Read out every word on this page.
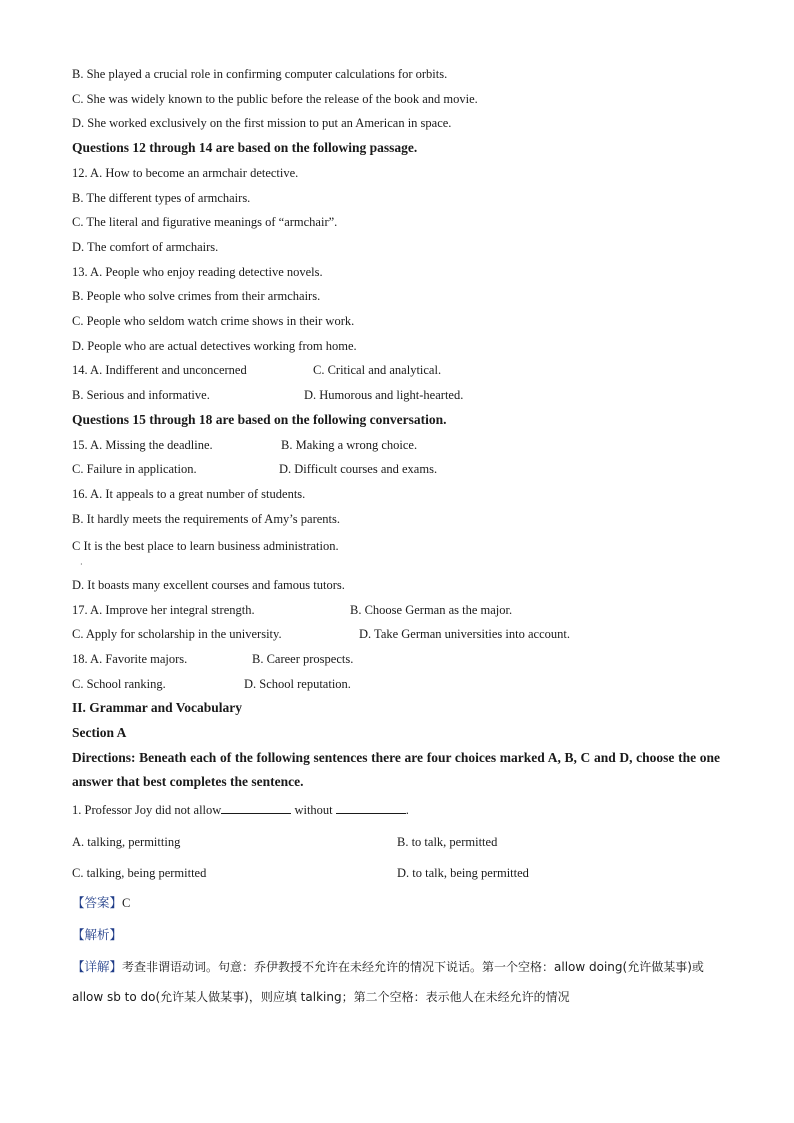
B. She played a crucial role in confirming computer calculations for orbits.
C. She was widely known to the public before the release of the book and movie.
D. She worked exclusively on the first mission to put an American in space.
Questions 12 through 14 are based on the following passage.
12. A. How to become an armchair detective.
B. The different types of armchairs.
C. The literal and figurative meanings of “armchair”.
D. The comfort of armchairs.
13. A. People who enjoy reading detective novels.
B. People who solve crimes from their armchairs.
C. People who seldom watch crime shows in their work.
D. People who are actual detectives working from home.
14. A. Indifferent and unconcerned	C. Critical and analytical.
B. Serious and informative.	D. Humorous and light-hearted.
Questions 15 through 18 are based on the following conversation.
15. A. Missing the deadline.	B. Making a wrong choice.
C. Failure in application.	D. Difficult courses and exams.
16. A. It appeals to a great number of students.
B. It hardly meets the requirements of Amy’s parents.
C It is the best place to learn business administration.
·
D. It boasts many excellent courses and famous tutors.
17. A. Improve her integral strength.	B. Choose German as the major.
C. Apply for scholarship in the university.	D. Take German universities into account.
18. A. Favorite majors.	B. Career prospects.
C. School ranking.	D. School reputation.
II. Grammar and Vocabulary
Section A
Directions: Beneath each of the following sentences there are four choices marked A, B, C and D, choose the one answer that best completes the sentence.
1. Professor Joy did not allow	without	.
A. talking, permitting	B. to talk, permitted
C. talking, being permitted	D. to talk, being permitted
【答案】C
【解析】
【详解】考查非谓语动词。句意：乔伊教授不允许在未经允许的情况下说话。第一个空格：allow doing(允许做某事)或 allow sb to do(允许某人做某事)，则应填 talking；第二个空格：表示他人在未经允许的情况
